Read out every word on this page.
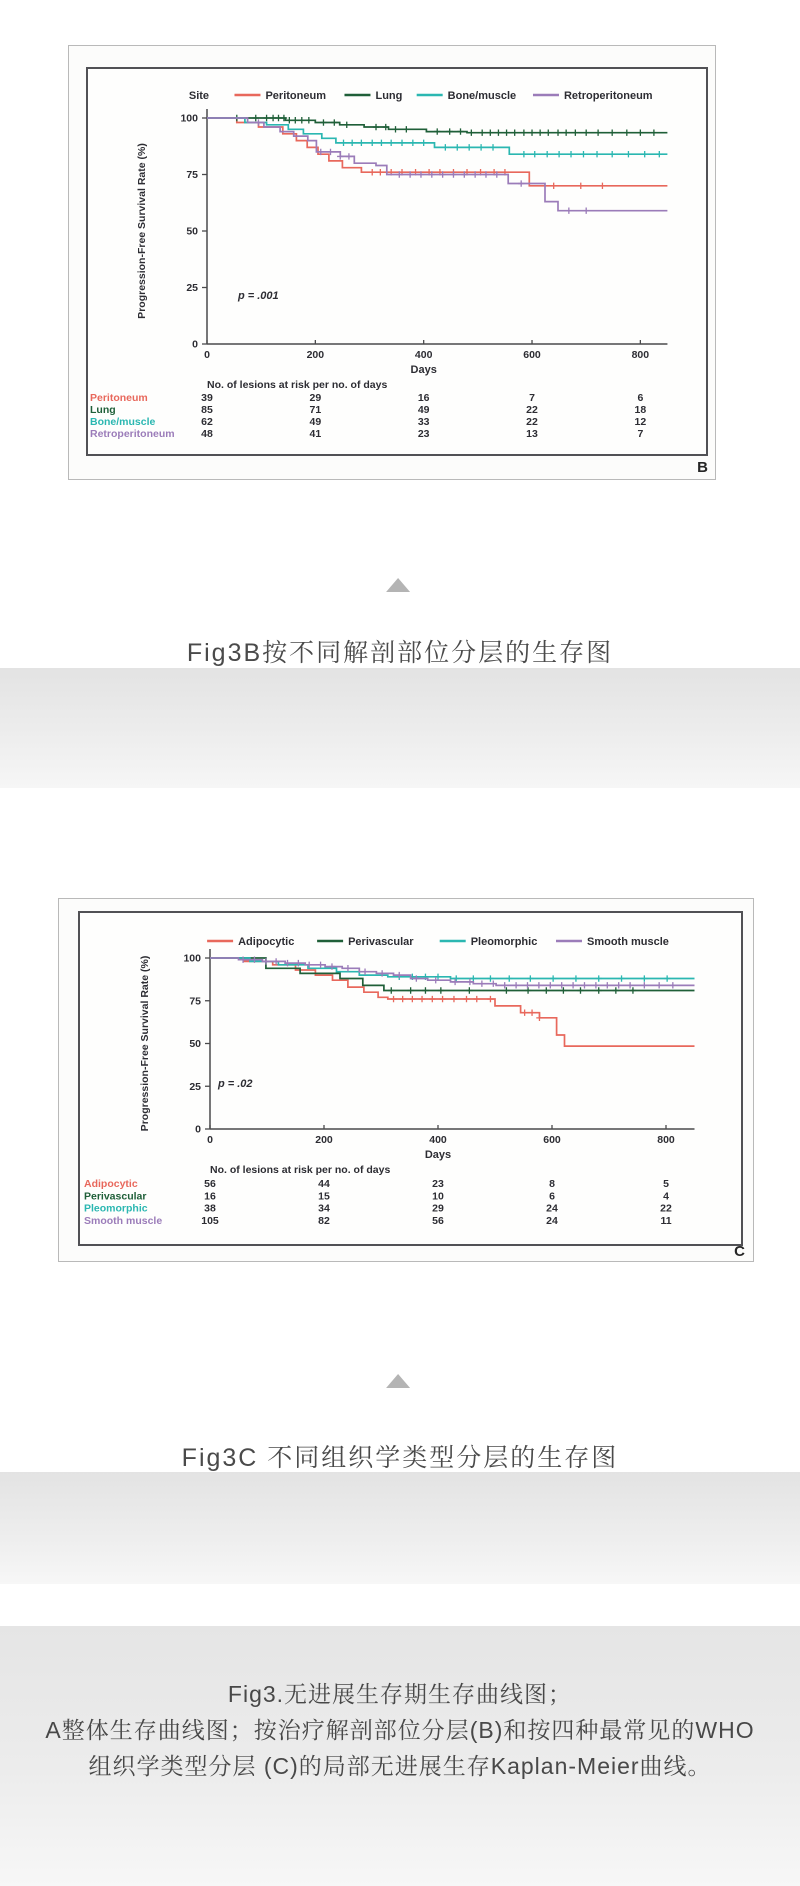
100
75
50
25
0
0	200	400	600	800
Progression-Free Survival Rate (%)
Days
p = .001
Site	Peritoneum	Lung	Bone/muscle	Retroperitoneum
No. of lesions at risk per no. of days
Peritoneum	39	29	16	7	6
Lung	85	71	49	22	18
Bone/muscle	62	49	33	22	12
Retroperitoneum	48	41	23	13	7
B
Fig3B按不同解剖部位分层的生存图
100
75
50
25
0
0	200	400	600	800
Progression-Free Survival Rate (%)
Days
p = .02
Adipocytic	Perivascular	Pleomorphic	Smooth muscle
No. of lesions at risk per no. of days
Adipocytic	56	44	23	8	5
Perivascular	16	15	10	6	4
Pleomorphic	38	34	29	24	22
Smooth muscle	105	82	56	24	11
C
Fig3C 不同组织学类型分层的生存图
Fig3.无进展生存期生存曲线图；
A整体生存曲线图；按治疗解剖部位分层(B)和按四种最常见的WHO
组织学类型分层 (C)的局部无进展生存Kaplan-Meier曲线。
